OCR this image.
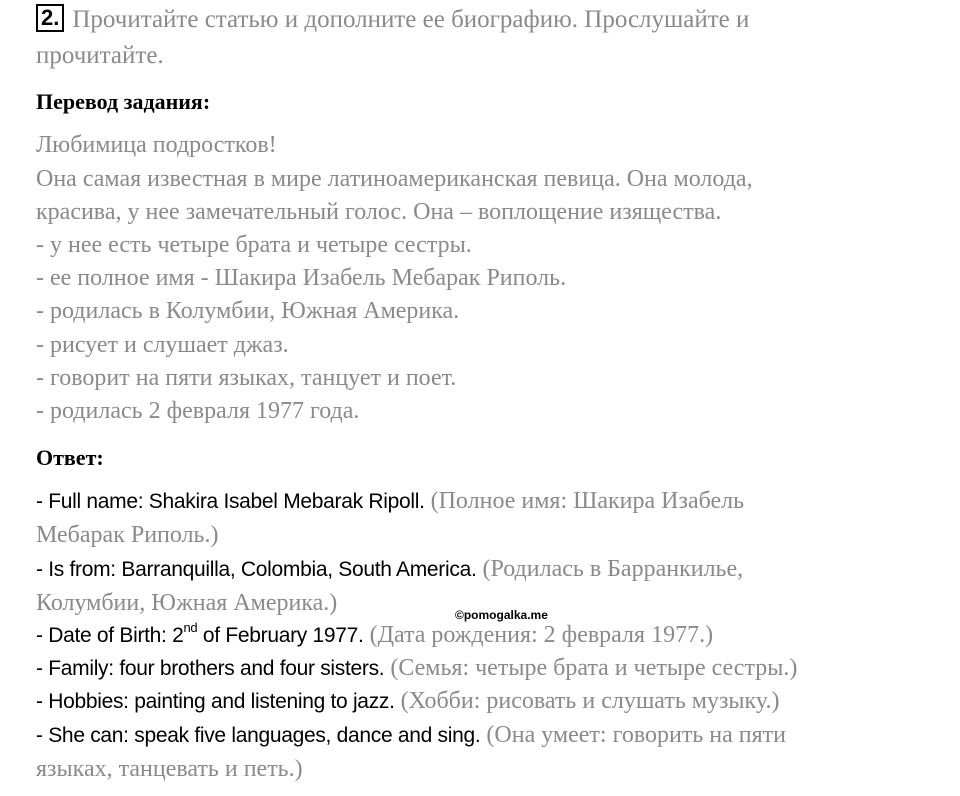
2. Прочитайте статью и дополните ее биографию. Прослушайте и
прочитайте.
Перевод задания:
Любимица подростков!
Она самая известная в мире латиноамериканская певица. Она молода,
красива, у нее замечательный голос. Она – воплощение изящества.
- у нее есть четыре брата и четыре сестры.
- ее полное имя - Шакира Изабель Мебарак Риполь.
- родилась в Колумбии, Южная Америка.
- рисует и слушает джаз.
- говорит на пяти языках, танцует и поет.
- родилась 2 февраля 1977 года.
Ответ:
- Full name: Shakira Isabel Mebarak Ripoll. (Полное имя: Шакира Изабель
Мебарак Риполь.)
- Is from: Barranquilla, Colombia, South America. (Родилась в Барранкилье,
Колумбии, Южная Америка.)
- Date of Birth: 2nd of February 1977. (Дата рождения: 2 февраля 1977.)
- Family: four brothers and four sisters. (Семья: четыре брата и четыре сестры.)
- Hobbies: painting and listening to jazz. (Хобби: рисовать и слушать музыку.)
- She can: speak five languages, dance and sing. (Она умеет: говорить на пяти
языках, танцевать и петь.)
©pomogalka.me
